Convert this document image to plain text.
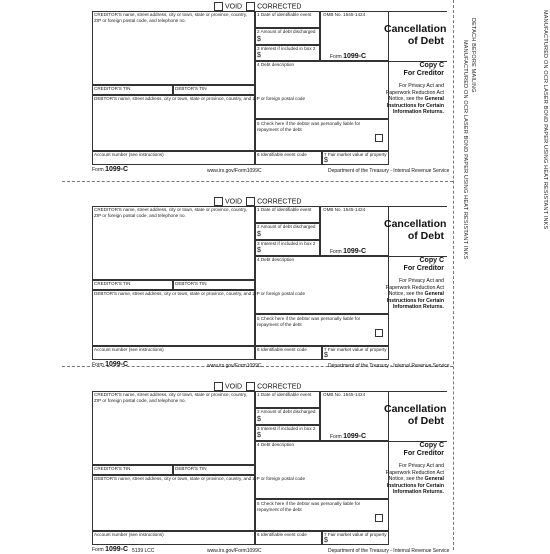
DETACH BEFORE MAILING
MANUFACTURED ON OCR LASER BOND PAPER USING HEAT RESISTANT INKS	MANUFACTURED ON OCR LASER BOND PAPER USING HEAT RESISTANT INKS
VOID	CORRECTED
CREDITOR'S name, street address, city or town, state or province, country, ZIP or foreign postal code, and telephone no.
1 Date of identifiable event	OMB No. 1545-1424
Form 1099-C
2 Amount of debt discharged
$
3 Interest if included in box 2
$
Cancellation of Debt
CREDITOR'S TIN	DEBTOR'S TIN
4 Debt description	Copy C
For Creditor
For Privacy Act and Paperwork Reduction Act Notice, see the General Instructions for Certain Information Returns.
DEBTOR'S name, street address, city or town, state or province, country, and ZIP or foreign postal code
5 Check here if the debtor was personally liable for repayment of the debt
Account number (see instructions)	6 Identifiable event code	7 Fair market value of property
$
Form 1099-C	www.irs.gov/Form1099C	Department of the Treasury - Internal Revenue Service
VOID	CORRECTED
CREDITOR'S name, street address, city or town, state or province, country, ZIP or foreign postal code, and telephone no.
1 Date of identifiable event	OMB No. 1545-1424
Form 1099-C
2 Amount of debt discharged
$
3 Interest if included in box 2
$
Cancellation of Debt
CREDITOR'S TIN	DEBTOR'S TIN
4 Debt description	Copy C
For Creditor
For Privacy Act and Paperwork Reduction Act Notice, see the General Instructions for Certain Information Returns.
DEBTOR'S name, street address, city or town, state or province, country, and ZIP or foreign postal code
5 Check here if the debtor was personally liable for repayment of the debt
Account number (see instructions)	6 Identifiable event code	7 Fair market value of property
$
Form 1099-C	www.irs.gov/Form1099C	Department of the Treasury - Internal Revenue Service
VOID	CORRECTED
CREDITOR'S name, street address, city or town, state or province, country, ZIP or foreign postal code, and telephone no.
1 Date of identifiable event	OMB No. 1545-1424
Form 1099-C
2 Amount of debt discharged
$
3 Interest if included in box 2
$
Cancellation of Debt
CREDITOR'S TIN	DEBTOR'S TIN
4 Debt description	Copy C
For Creditor
For Privacy Act and Paperwork Reduction Act Notice, see the General Instructions for Certain Information Returns.
DEBTOR'S name, street address, city or town, state or province, country, and ZIP or foreign postal code
5 Check here if the debtor was personally liable for repayment of the debt
Account number (see instructions)	6 Identifiable event code	7 Fair market value of property
$
Form 1099-C 5139 LCC	www.irs.gov/Form1099C	Department of the Treasury - Internal Revenue Service
